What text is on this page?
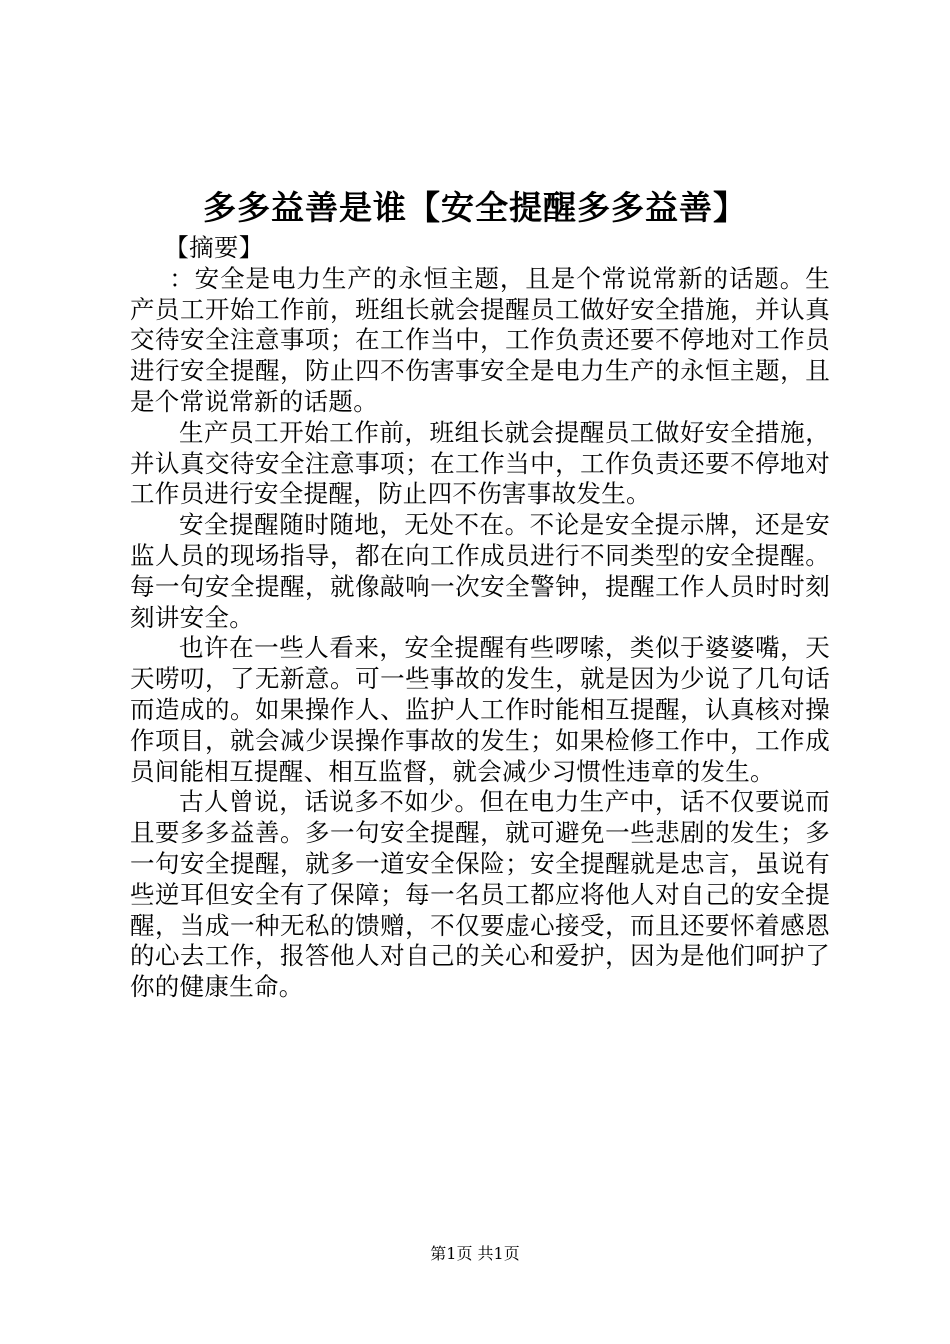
多多益善是谁【安全提醒多多益善】

【摘要】

：安全是电力生产的永恒主题，且是个常说常新的话题。生产员工开始工作前，班组长就会提醒员工做好安全措施，并认真交待安全注意事项；在工作当中，工作负责还要不停地对工作员进行安全提醒，防止四不伤害事安全是电力生产的永恒主题，且是个常说常新的话题。

生产员工开始工作前，班组长就会提醒员工做好安全措施，并认真交待安全注意事项；在工作当中，工作负责还要不停地对工作员进行安全提醒，防止四不伤害事故发生。

安全提醒随时随地，无处不在。不论是安全提示牌，还是安监人员的现场指导，都在向工作成员进行不同类型的安全提醒。每一句安全提醒，就像敲响一次安全警钟，提醒工作人员时时刻刻讲安全。

也许在一些人看来，安全提醒有些啰嗦，类似于婆婆嘴，天天唠叨，了无新意。可一些事故的发生，就是因为少说了几句话而造成的。如果操作人、监护人工作时能相互提醒，认真核对操作项目，就会减少误操作事故的发生；如果检修工作中，工作成员间能相互提醒、相互监督，就会减少习惯性违章的发生。

古人曾说，话说多不如少。但在电力生产中，话不仅要说而且要多多益善。多一句安全提醒，就可避免一些悲剧的发生；多一句安全提醒，就多一道安全保险；安全提醒就是忠言，虽说有些逆耳但安全有了保障；每一名员工都应将他人对自己的安全提醒，当成一种无私的馈赠，不仅要虚心接受，而且还要怀着感恩的心去工作，报答他人对自己的关心和爱护，因为是他们呵护了你的健康生命。

第1页 共1页
